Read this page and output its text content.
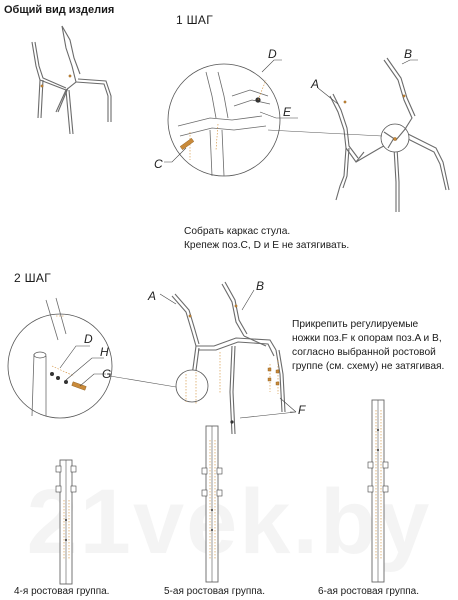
Общий вид изделия
1 ШАГ
Собрать каркас стула.
Крепеж поз.C, D и E не затягивать.
2 ШАГ
Прикрепить регулируемые
ножки поз.F к опорам поз.A и B,
согласно выбранной ростовой
группе (см. схему) не затягивая.
4-я ростовая группа.	5-ая ростовая группа.	6-ая ростовая группа.
D
E
C
A
B
D
H
G
A
B
F
